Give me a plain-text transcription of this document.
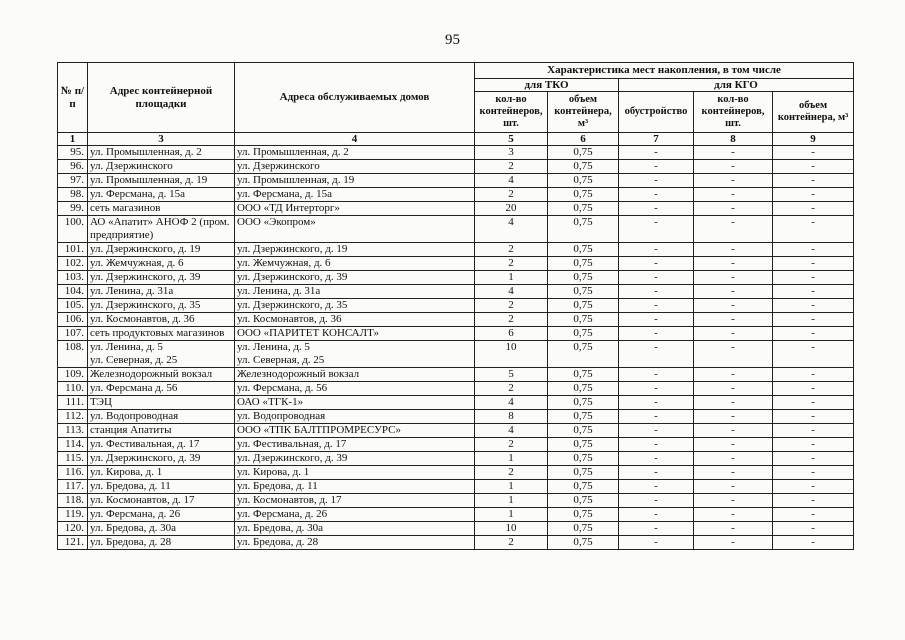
95
№ п/п	Адрес контейнерной площадки	Адреса обслуживаемых домов	Характеристика мест накопления, в том числе				
			для ТКО		для КГО		
			кол-во контейнеров, шт.	объем контейнера, м³	обустройство	кол-во контейнеров, шт.	объем контейнера, м³
1	3	4	5	6	7	8	9
95.	ул. Промышленная, д. 2	ул. Промышленная, д. 2	3	0,75	-	-	-
96.	ул. Дзержинского	ул. Дзержинского	2	0,75	-	-	-
97.	ул. Промышленная, д. 19	ул. Промышленная, д. 19	4	0,75	-	-	-
98.	ул. Ферсмана, д. 15а	ул. Ферсмана, д. 15а	2	0,75	-	-	-
99.	сеть магазинов	ООО «ТД Интерторг»	20	0,75	-	-	-
100.	АО «Апатит» АНОФ 2 (пром. предприятие)	ООО «Экопром»	4	0,75	-	-	-
101.	ул. Дзержинского, д. 19	ул. Дзержинского, д. 19	2	0,75	-	-	-
102.	ул. Жемчужная, д. 6	ул. Жемчужная, д. 6	2	0,75	-	-	-
103.	ул. Дзержинского, д. 39	ул. Дзержинского, д. 39	1	0,75	-	-	-
104.	ул. Ленина, д. 31а	ул. Ленина, д. 31а	4	0,75	-	-	-
105.	ул. Дзержинского, д. 35	ул. Дзержинского, д. 35	2	0,75	-	-	-
106.	ул. Космонавтов, д. 36	ул. Космонавтов, д. 36	2	0,75	-	-	-
107.	сеть продуктовых магазинов	ООО «ПАРИТЕТ КОНСАЛТ»	6	0,75	-	-	-
108.	ул. Ленина, д. 5
ул. Северная, д. 25	ул. Ленина, д. 5
ул. Северная, д. 25	10	0,75	-	-	-
109.	Железнодорожный вокзал	Железнодорожный вокзал	5	0,75	-	-	-
110.	ул. Ферсмана д. 56	ул. Ферсмана, д. 56	2	0,75	-	-	-
111.	ТЭЦ	ОАО «ТГК-1»	4	0,75	-	-	-
112.	ул. Водопроводная	ул. Водопроводная	8	0,75	-	-	-
113.	станция Апатиты	ООО «ТПК БАЛТПРОМРЕСУРС»	4	0,75	-	-	-
114.	ул. Фестивальная, д. 17	ул. Фестивальная, д. 17	2	0,75	-	-	-
115.	ул. Дзержинского, д. 39	ул. Дзержинского, д. 39	1	0,75	-	-	-
116.	ул. Кирова, д. 1	ул. Кирова, д. 1	2	0,75	-	-	-
117.	ул. Бредова, д. 11	ул. Бредова, д. 11	1	0,75	-	-	-
118.	ул. Космонавтов, д. 17	ул. Космонавтов, д. 17	1	0,75	-	-	-
119.	ул. Ферсмана, д. 26	ул. Ферсмана, д. 26	1	0,75	-	-	-
120.	ул. Бредова, д. 30а	ул. Бредова, д. 30а	10	0,75	-	-	-
121.	ул. Бредова, д. 28	ул. Бредова, д. 28	2	0,75	-	-	-
